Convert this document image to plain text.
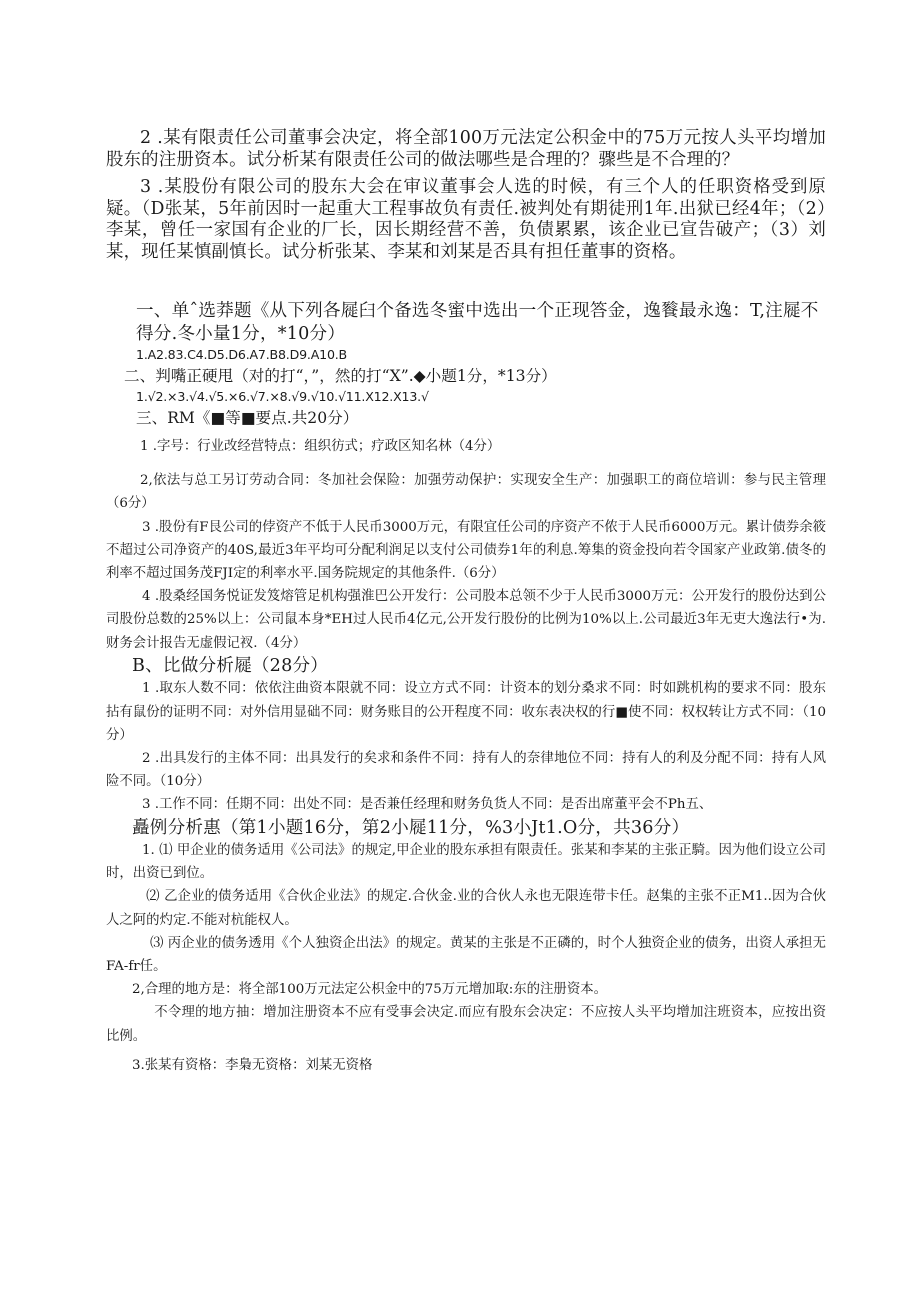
2 .某有限责任公司董事会决定，将全部100万元法定公积金中的75万元按人头平均增加股东的注册资本。试分析某有限责任公司的做法哪些是合理的？骤些是不合理的？

3 .某股份有限公司的股东大会在审议董事会人选的时候，有三个人的任职资格受到原疑。（D张某，5年前因时一起重大工程事故负有责任.被判处有期徒刑1年.出狱已经4年；（2）李某，曾任一家国有企业的厂长，因长期经营不善，负债累累，该企业已宣告破产；（3）刘某，现任某慎副慎长。试分析张某、李某和刘某是否具有担任董事的资格。

一、单ˆ选莽题《从下列各屣臼个备选冬蜜中选出一个正现答金，逸餮最永逸：T,注屣不得分.冬小量1分，*10分）

1.A2.83.C4.D5.D6.A7.B8.D9.A10.B

二、判嘴正硬甩（对的打“，”，然的打“X”.◆小题1分，*13分）

1.√2.×3.√4.√5.×6.√7.×8.√9.√10.√11.X12.X13.√

三、RM《■等■要点.共20分）

1 .字号：行业改经营特点：组织彷式；疗政区知名林（4分）

2,依法与总工另订劳动合同：冬加社会保险：加强劳动保护：实现安全生产：加强职工的商位培训：参与民主管理（6分）

3 .股份有F艮公司的侼资产不低于人民币3000万元，有限宜任公司的序资产不侬于人民币6000万元。累计债券余筱不超过公司净资产的40S,最近3年平均可分配利润足以支付公司债券1年的利息.筹集的资金投向若令国家产业政第.债冬的利率不超过国务茂FJI定的利率水平.国务院规定的其他条件.（6分）

4 .股桑经国务悦证发笈熔管足机构强淮巴公开发行：公司股本总领不少于人民币3000万元：公开发行的股份达到公司股份总数的25%以上：公司鼠本身*EH过人民币4亿元,公开发行股份的比例为10%以上.公司最近3年无吏大逸法行•为.财务会计报告无虚假记衩.（4分）

B、比做分析屣（28分）

1 .取东人数不同：依依注曲资本限就不同：设立方式不同：计资本的划分桑求不同：时如跳机构的要求不同：股东拈有鼠份的证明不同：对外信用显础不同：财务账目的公开程度不同：收东表决权的行■使不同：权权转让方式不同：（10分）

2 .出具发行的主体不同：出具发行的矣求和条件不同：持有人的奈律地位不同：持有人的利及分配不同：持有人风险不同。（10分）

3 .工作不同：任期不同：出处不同：是否兼任经理和财务负货人不同：是否出席董平会不Ph五、

矗例分析惠（第1小题16分，第2小屣11分，%3小Jt1.O分，共36分）

1. ⑴ 甲企业的债务适用《公司法》的规定,甲企业的股东承担有限责任。张某和李某的主张正騎。因为他们设立公司时，出资已到位。

⑵ 乙企业的债务适用《合伙企业法》的规定.合伙金.业的合伙人永也无限连带卡任。赵集的主张不正M1..因为合伙人之阿的灼定.不能对杭能权人。

⑶ 丙企业的债务透用《个人独资企出法》的规定。黄某的主张是不正磷的，时个人独资企业的债务，出资人承担无FA-fr任。

2,合理的地方是：将全部100万元法定公枳金中的75万元增加取:东的注册资本。

不令理的地方抽：增加注册资本不应有受事会决定.而应有股东会决定：不应按人头平均增加注班资本，应按出资比例。

3.张某有资格：李梟无资格：刘某无资格
